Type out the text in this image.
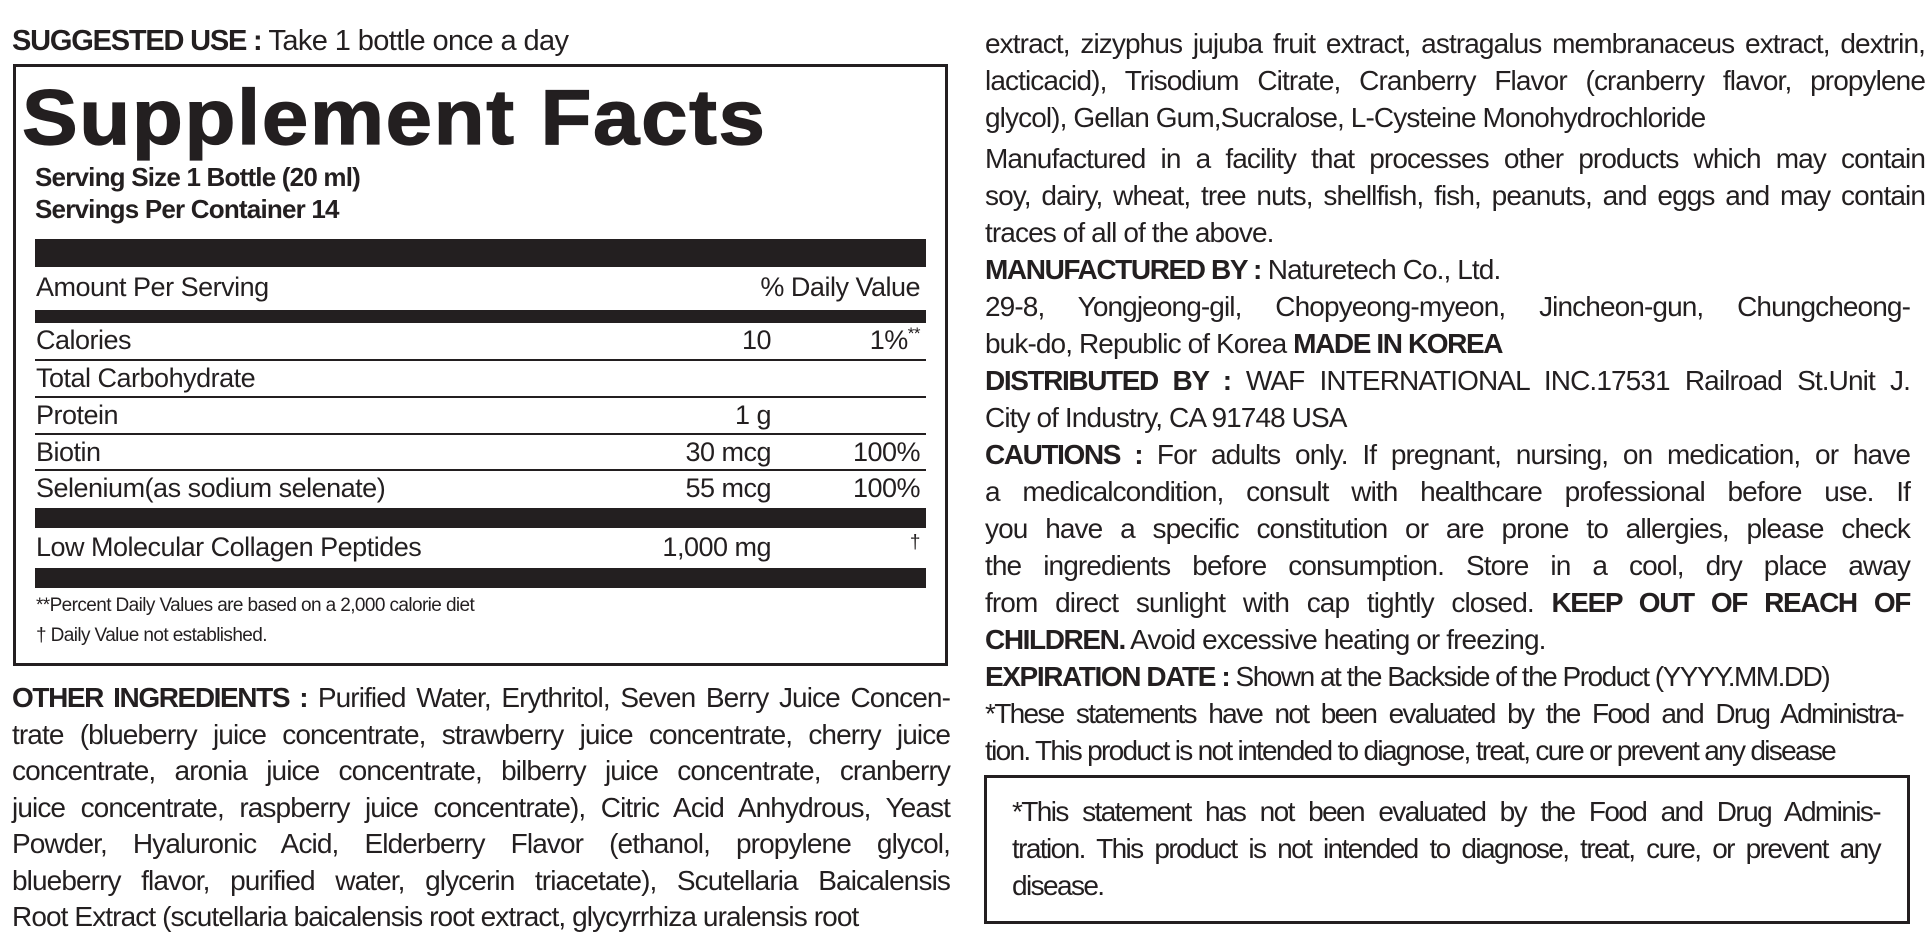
SUGGESTED USE : Take 1 bottle once a day
Supplement Facts
Serving Size 1 Bottle (20 ml)
Servings Per Container 14
Amount Per Serving	% Daily Value
Calories	10	1%**
Total Carbohydrate
Protein	1 g
Biotin	30 mcg	100%
Selenium(as sodium selenate)	55 mcg	100%
Low Molecular Collagen Peptides	1,000 mg	†
**Percent Daily Values are based on a 2,000 calorie diet
† Daily Value not established.
OTHER INGREDIENTS : Purified Water, Erythritol, Seven Berry Juice Concen-
trate (blueberry juice concentrate, strawberry juice concentrate, cherry juice
concentrate, aronia juice concentrate, bilberry juice concentrate, cranberry
juice concentrate, raspberry juice concentrate), Citric Acid Anhydrous, Yeast
Powder, Hyaluronic Acid, Elderberry Flavor (ethanol, propylene glycol,
blueberry flavor, purified water, glycerin triacetate), Scutellaria Baicalensis
Root Extract (scutellaria baicalensis root extract, glycyrrhiza uralensis root
extract, zizyphus jujuba fruit extract, astragalus membranaceus extract, dextrin,
lacticacid), Trisodium Citrate, Cranberry Flavor (cranberry flavor, propylene
glycol), Gellan Gum,Sucralose, L-Cysteine Monohydrochloride
Manufactured in a facility that processes other products which may contain
soy, dairy, wheat, tree nuts, shellfish, fish, peanuts, and eggs and may contain
traces of all of the above.
MANUFACTURED BY : Naturetech Co., Ltd.
29-8, Yongjeong-gil, Chopyeong-myeon, Jincheon-gun, Chungcheong-
buk-do, Republic of Korea MADE IN KOREA
DISTRIBUTED BY : WAF INTERNATIONAL INC.17531 Railroad St.Unit J.
City of Industry, CA 91748 USA
CAUTIONS : For adults only. If pregnant, nursing, on medication, or have
a medicalcondition, consult with healthcare professional before use. If
you have a specific constitution or are prone to allergies, please check
the ingredients before consumption. Store in a cool, dry place away
from direct sunlight with cap tightly closed. KEEP OUT OF REACH OF
CHILDREN. Avoid excessive heating or freezing.
EXPIRATION DATE : Shown at the Backside of the Product (YYYY.MM.DD)
*These statements have not been evaluated by the Food and Drug Administra-
tion. This product is not intended to diagnose, treat, cure or prevent any disease
*This statement has not been evaluated by the Food and Drug Adminis-
tration. This product is not intended to diagnose, treat, cure, or prevent any
disease.
